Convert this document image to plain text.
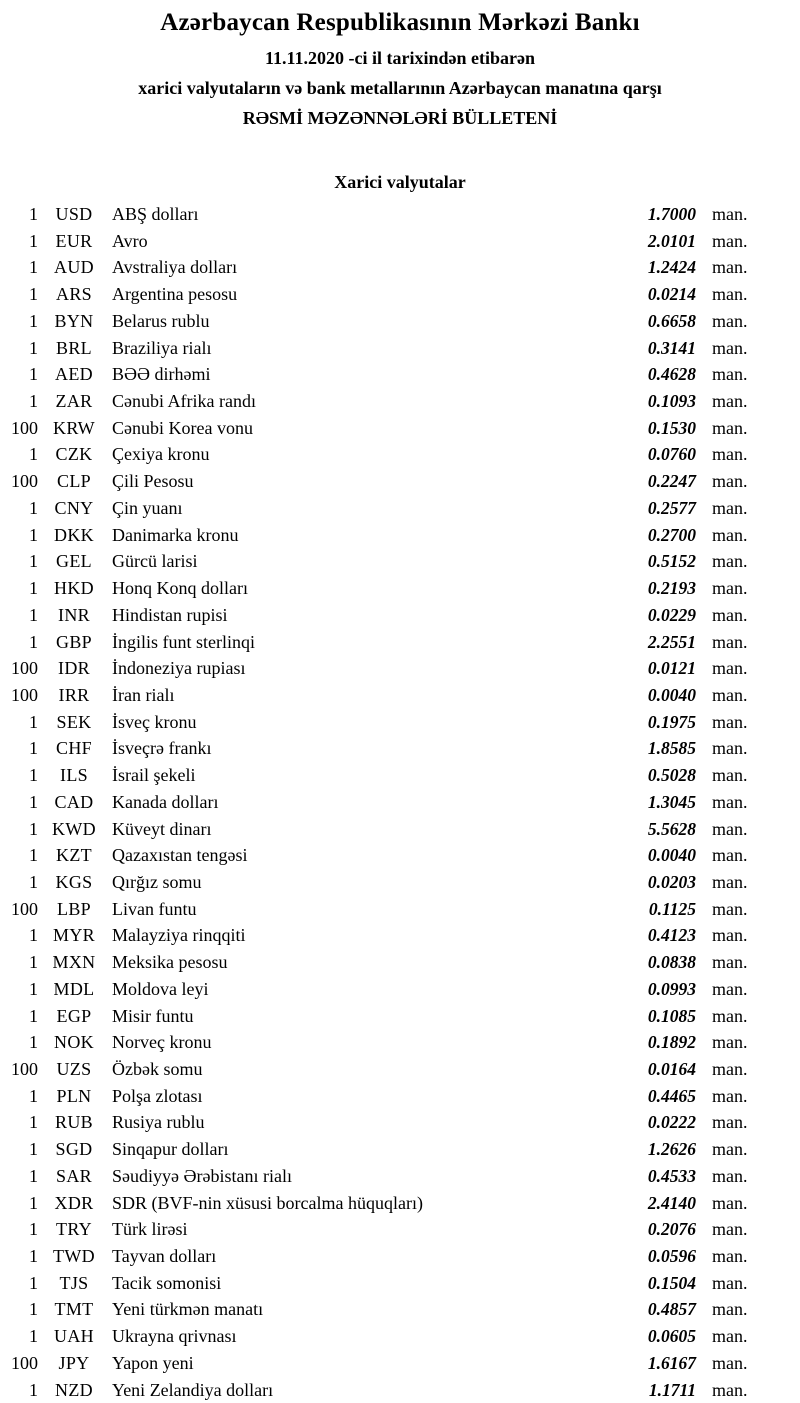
Azərbaycan Respublikasının Mərkəzi Bankı
11.11.2020 -ci il tarixindən etibarən
xarici valyutaların və bank metallarının Azərbaycan manatına qarşı
RƏSMİ MƏZƏNNƏLƏRİ BÜLLETENİ
Xarici valyutalar
1 USD	ABŞ dolları	1.7000 man.
1 EUR	Avro	2.0101 man.
1 AUD	Avstraliya dolları	1.2424 man.
1	ARS	Argentina pesosu	0.0214 man.
1 BYN	Belarus rublu	0.6658 man.
1	BRL	Braziliya rialı	0.3141 man.
1 AED	BƏƏ dirhəmi	0.4628 man.
1 ZAR	Cənubi Afrika randı	0.1093 man.
100 KRW Cənubi Korea vonu	0.1530 man.
1 CZK	Çexiya kronu	0.0760 man.
100	CLP	Çili Pesosu	0.2247 man.
1 CNY	Çin yuanı	0.2577 man.
1 DKK	Danimarka kronu	0.2700 man.
1	GEL	Gürcü larisi	0.5152 man.
1 HKD	Honq Konq dolları	0.2193 man.
1	INR	Hindistan rupisi	0.0229 man.
1	GBP	İngilis funt sterlinqi	2.2551 man.
100	IDR	İndoneziya rupiası	0.0121 man.
100	IRR	İran rialı	0.0040 man.
1	SEK	İsveç kronu	0.1975 man.
1	CHF	İsveçrə frankı	1.8585 man.
1	ILS	İsrail şekeli	0.5028 man.
1 CAD	Kanada dolları	1.3045 man.
1 KWD Küveyt dinarı	5.5628 man.
1	KZT	Qazaxıstan tengəsi	0.0040 man.
1 KGS	Qırğız somu	0.0203 man.
100	LBP	Livan funtu	0.1125 man.
1 MYR Malayziya rinqqiti	0.4123 man.
1 MXN Meksika pesosu	0.0838 man.
1 MDL Moldova leyi	0.0993 man.
1	EGP	Misir funtu	0.1085 man.
1 NOK	Norveç kronu	0.1892 man.
100	UZS	Özbək somu	0.0164 man.
1	PLN	Polşa zlotası	0.4465 man.
1 RUB	Rusiya rublu	0.0222 man.
1 SGD	Sinqapur dolları	1.2626 man.
1	SAR	Səudiyyə Ərəbistanı rialı	0.4533 man.
1 XDR	SDR (BVF-nin xüsusi borcalma hüquqları)	2.4140 man.
1	TRY	Türk lirəsi	0.2076 man.
1 TWD Tayvan dolları	0.0596 man.
1	TJS	Tacik somonisi	0.1504 man.
1 TMT	Yeni türkmən manatı	0.4857 man.
1 UAH	Ukrayna qrivnası	0.0605 man.
100	JPY	Yapon yeni	1.6167 man.
1 NZD	Yeni Zelandiya dolları	1.1711 man.
